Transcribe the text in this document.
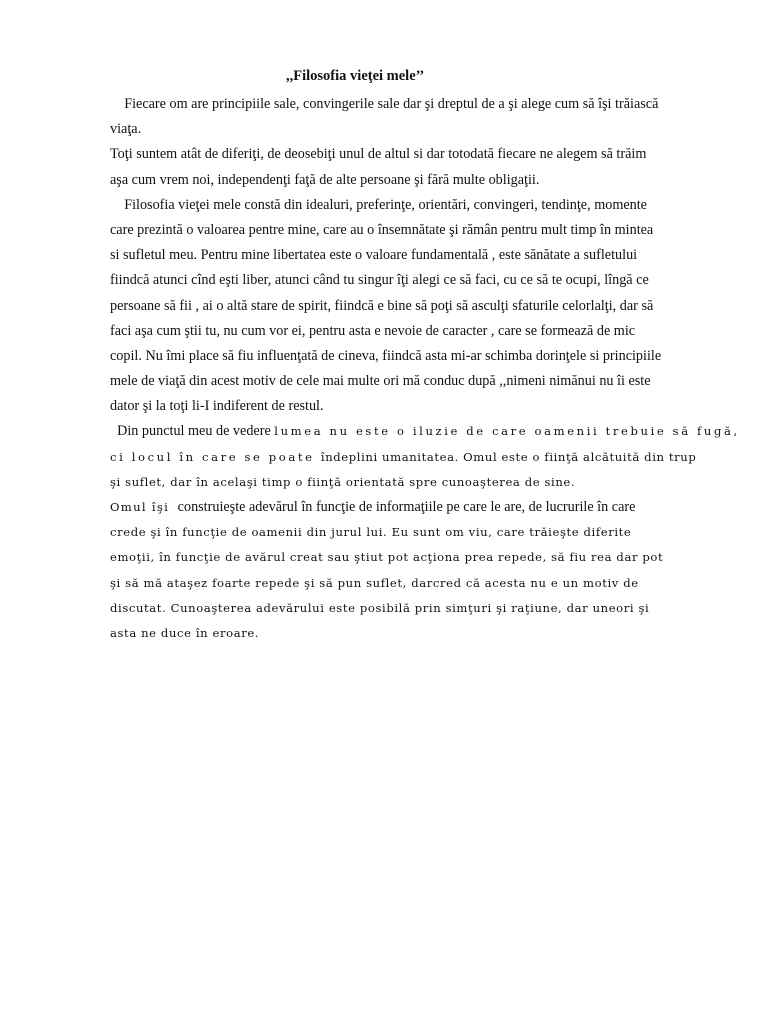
,,Filosofia vieţei mele’’
Fiecare om are principiile sale, convingerile sale dar şi dreptul de a şi alege cum să îşi trăiască
viaţa.
Toţi suntem atât de diferiţi, de deosebiţi unul de altul si dar totodată fiecare ne alegem să trăim
aşa cum vrem noi, independenţi faţă de alte persoane şi fără multe obligaţii.
Filosofia vieţei mele constă din idealuri, preferinţe, orientări, convingeri, tendinţe, momente
care prezintă o valoarea pentre mine, care au o însemnătate şi rămân pentru mult timp în mintea
si sufletul meu. Pentru mine libertatea este o valoare fundamentală , este sănătate a sufletului
fiindcă atunci cînd eşti liber, atunci când tu singur îţi alegi ce să faci, cu ce să te ocupi, lîngă ce
persoane să fii , ai o altă stare de spirit, fiindcă e bine să poţi să asculţi sfaturile celorlalţi, dar să
faci aşa cum ştii tu, nu cum vor ei, pentru asta e nevoie de caracter , care se formează de mic
copil. Nu îmi place să fiu influenţată de cineva, fiindcă asta mi-ar schimba dorinţele si principiile
mele de viaţă din acest motiv de cele mai multe ori mă conduc după ,,nimeni nimănui nu îi este
dator şi la toţi li-I indiferent de restul.
Din punctul meu de vedere lumea nu este o iluzie de care oamenii trebuie să fugă,
ci locul în care se poate îndeplini umanitatea. Omul este o fiinţă alcătuită din trup
şi suflet, dar în acelaşi timp o fiinţă orientată spre cunoaşterea de sine.
Omul îşi  construieşte adevărul în funcţie de informaţiile pe care le are, de lucrurile în care
crede şi în funcţie de oamenii din jurul lui. Eu sunt om viu, care trăieşte diferite
emoţii, în funcţie de avărul creat sau ştiut pot acţiona prea repede, să fiu rea dar pot
şi să mă ataşez foarte repede şi să pun suflet, darcred că acesta nu e un motiv de
discutat. Cunoaşterea adevărului este posibilă prin simţuri şi raţiune, dar uneori şi
asta ne duce în eroare.
